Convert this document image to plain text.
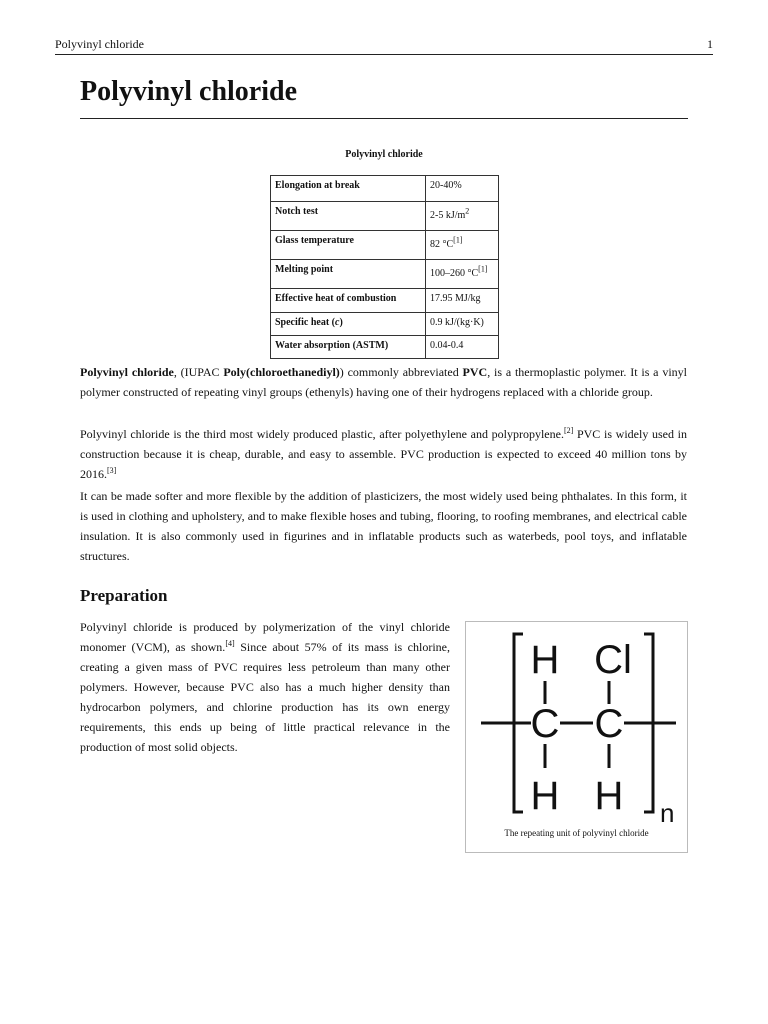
Polyvinyl chloride	1
Polyvinyl chloride
Polyvinyl chloride
Elongation at break	20-40%
Notch test	2-5 $kJ/m^2$
Glass temperature	82 °C[1]
Melting point	100–260 °C[1]
Effective heat of combustion	17.95 MJ/kg
Specific heat (c)	0.9 kJ/(kg·K)
Water absorption (ASTM)	0.04-0.4

Polyvinyl chloride, (IUPAC Poly(chloroethanediyl)) commonly abbreviated PVC, is a thermoplastic polymer. It is a vinyl polymer constructed of repeating vinyl groups (ethenyls) having one of their hydrogens replaced with a chloride group.

Polyvinyl chloride is the third most widely produced plastic, after polyethylene and polypropylene.[2] PVC is widely used in construction because it is cheap, durable, and easy to assemble. PVC production is expected to exceed 40 million tons by 2016.[3]

It can be made softer and more flexible by the addition of plasticizers, the most widely used being phthalates. In this form, it is used in clothing and upholstery, and to make flexible hoses and tubing, flooring, to roofing membranes, and electrical cable insulation. It is also commonly used in figurines and in inflatable products such as waterbeds, pool toys, and inflatable structures.

Preparation

Polyvinyl chloride is produced by polymerization of the vinyl chloride monomer (VCM), as shown.[4] Since about 57% of its mass is chlorine, creating a given mass of PVC requires less petroleum than many other polymers. However, because PVC also has a much higher density than hydrocarbon polymers, and chlorine production has its own energy requirements, this ends up being of little practical relevance in the production of most solid objects.

H Cl
C C
H H n
The repeating unit of polyvinyl chloride
